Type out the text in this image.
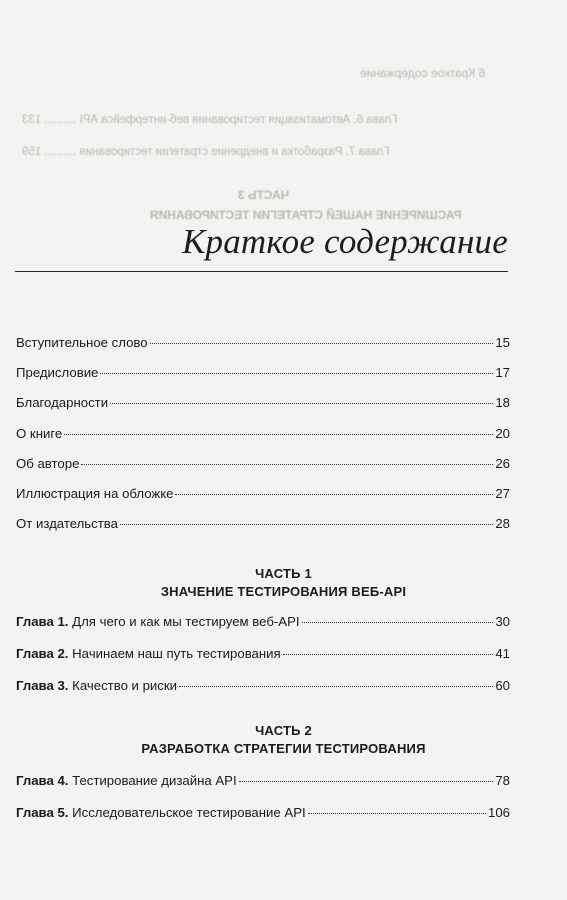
6 Краткое содержание
Глава 6. Автоматизация тестирования веб-интерфейса API .......... 133
Глава 7. Разработка и внедрение стратегии тестирования .......... 159
ЧАСТЬ 3
РАСШИРЕНИЕ НАШЕЙ СТРАТЕГИИ ТЕСТИРОВАНИЯ
Краткое содержание
Вступительное слово	15
Предисловие	17
Благодарности	18
О книге	20
Об авторе	26
Иллюстрация на обложке	27
От издательства	28
ЧАСТЬ 1
ЗНАЧЕНИЕ ТЕСТИРОВАНИЯ ВЕБ-API
Глава 1. Для чего и как мы тестируем веб-API	30
Глава 2. Начинаем наш путь тестирования	41
Глава 3. Качество и риски	60
ЧАСТЬ 2
РАЗРАБОТКА СТРАТЕГИИ ТЕСТИРОВАНИЯ
Глава 4. Тестирование дизайна API	78
Глава 5. Исследовательское тестирование API	106
